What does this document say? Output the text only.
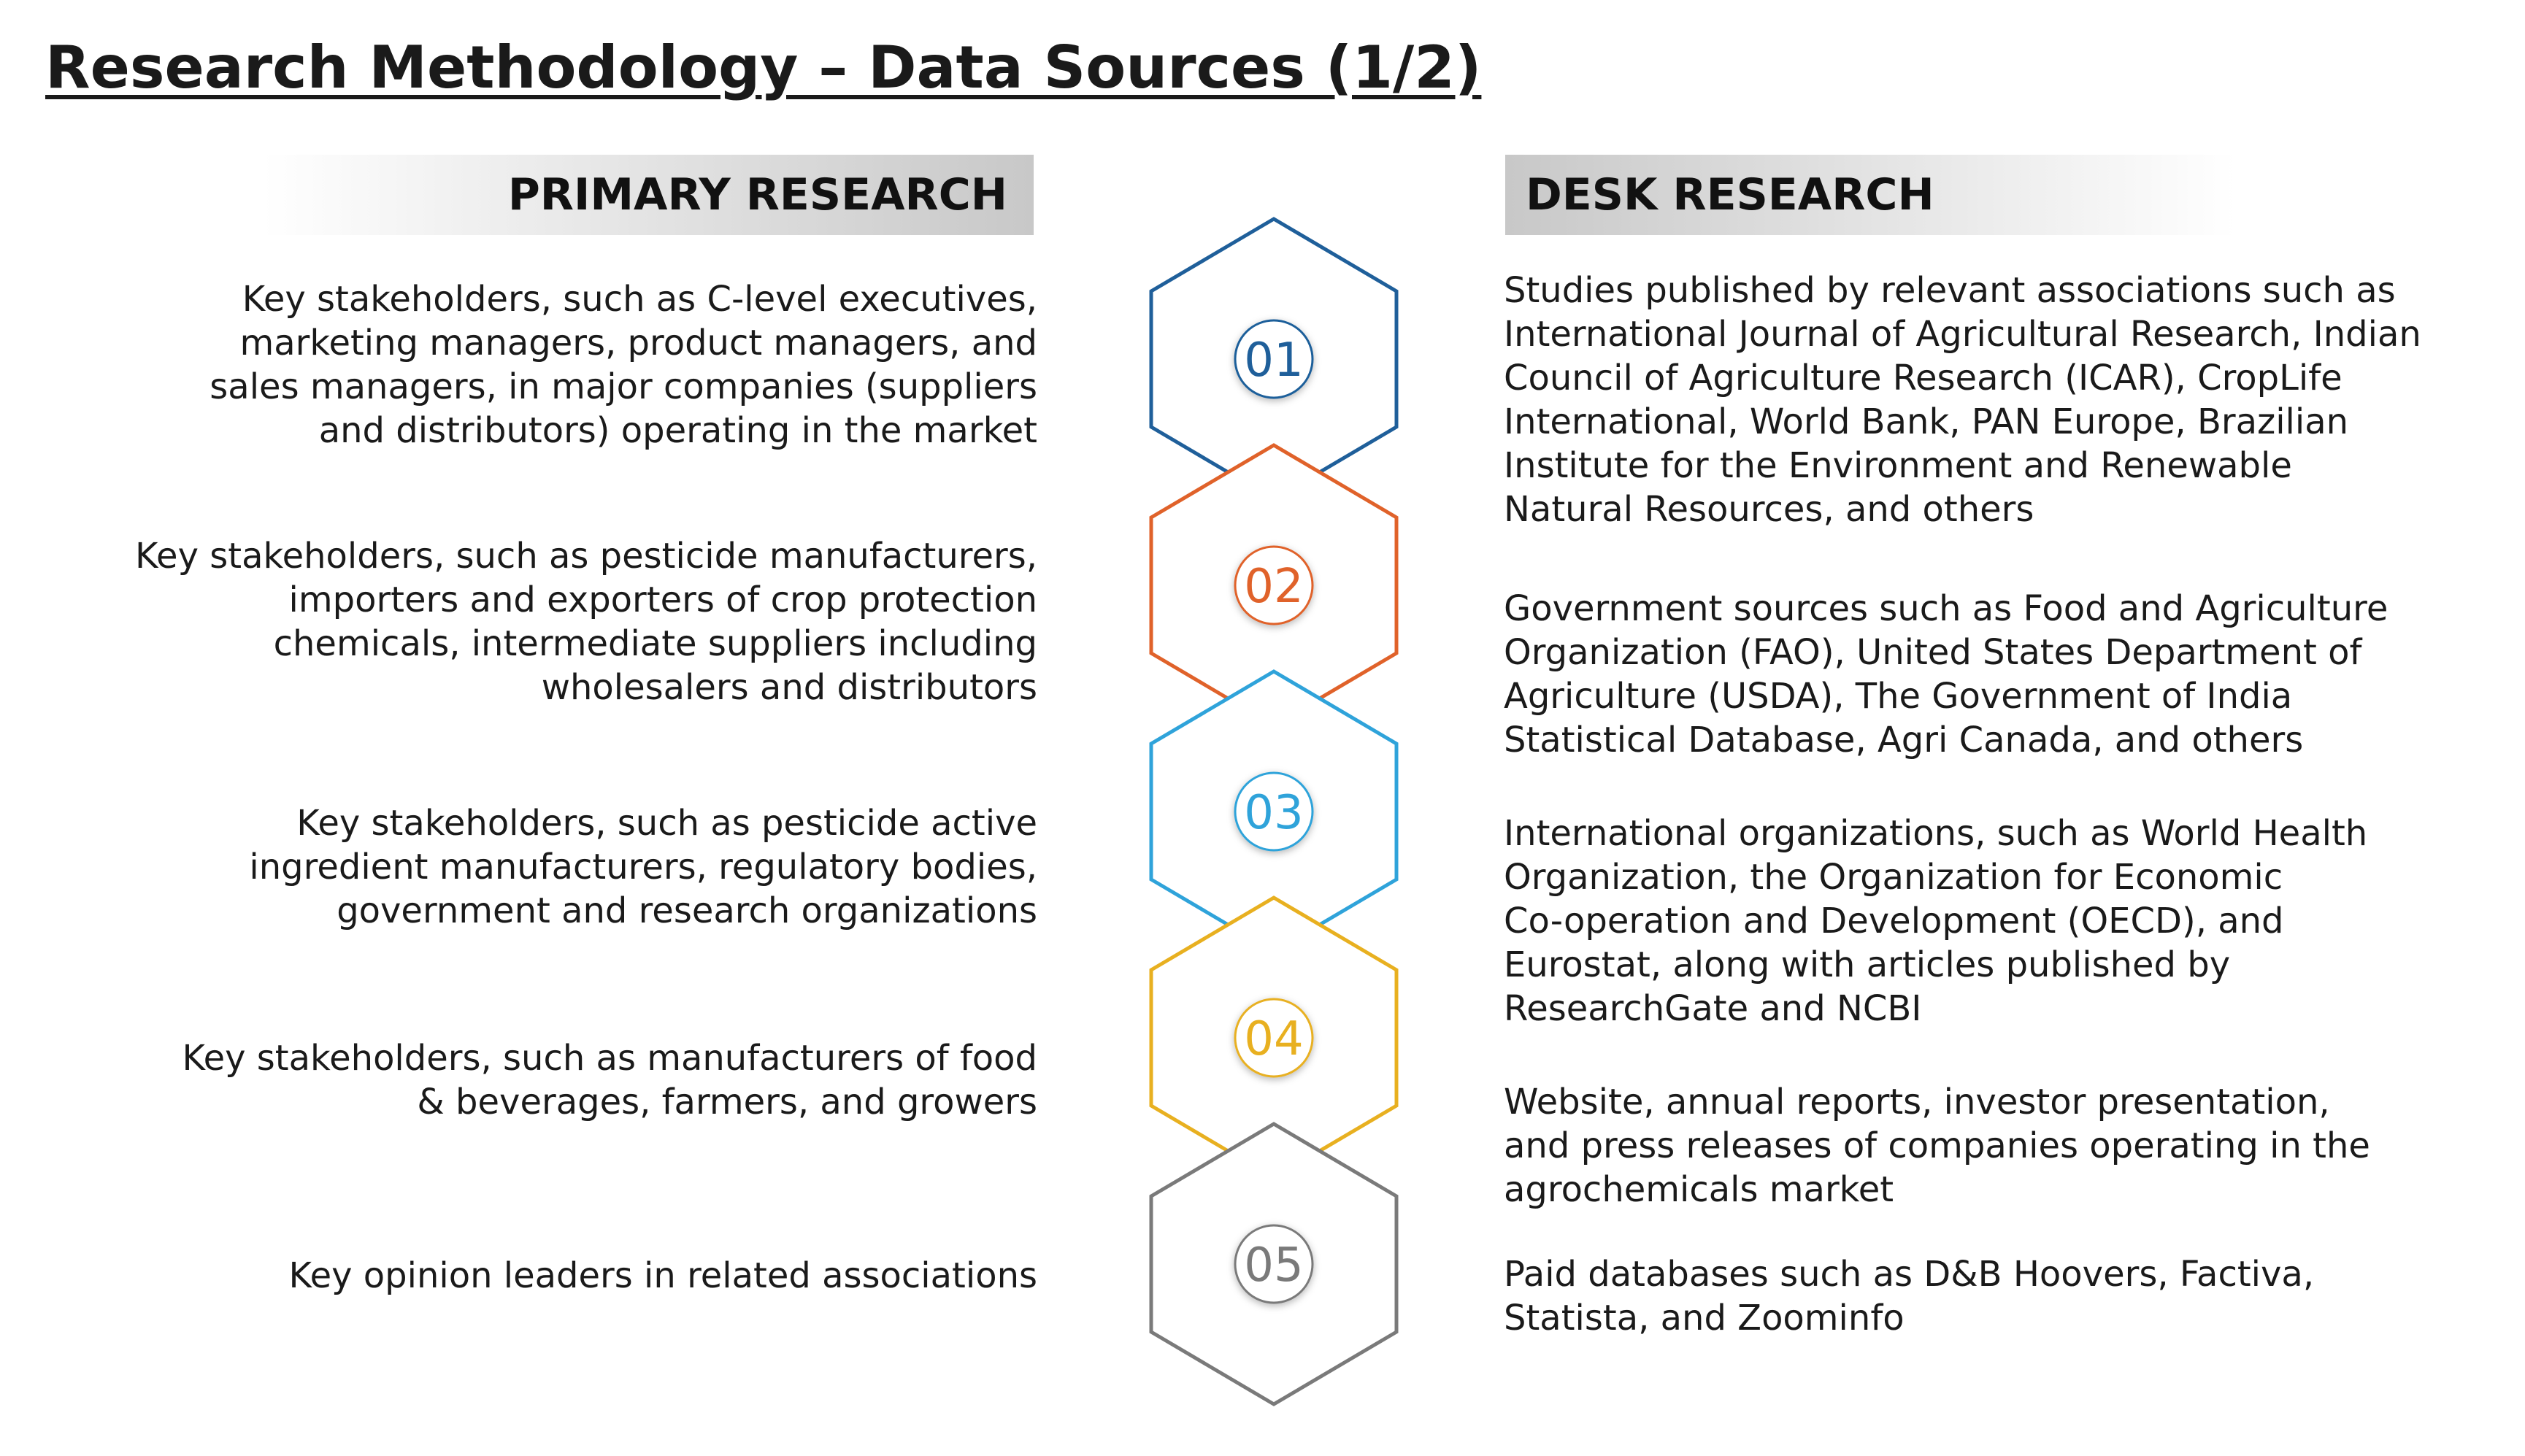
Research Methodology – Data Sources (1/2)
PRIMARY RESEARCH	DESK RESEARCH
Key stakeholders, such as C-level executives,
marketing managers, product managers, and
sales managers, in major companies (suppliers
and distributors) operating in the market
Key stakeholders, such as pesticide manufacturers,
importers and exporters of crop protection
chemicals, intermediate suppliers including
wholesalers and distributors
Key stakeholders, such as pesticide active
ingredient manufacturers, regulatory bodies,
government and research organizations
Key stakeholders, such as manufacturers of food
& beverages, farmers, and growers
Key opinion leaders in related associations
Studies published by relevant associations such as
International Journal of Agricultural Research, Indian
Council of Agriculture Research (ICAR), CropLife
International, World Bank, PAN Europe, Brazilian
Institute for the Environment and Renewable
Natural Resources, and others
Government sources such as Food and Agriculture
Organization (FAO), United States Department of
Agriculture (USDA), The Government of India
Statistical Database, Agri Canada, and others
International organizations, such as World Health
Organization, the Organization for Economic
Co-operation and Development (OECD), and
Eurostat, along with articles published by
ResearchGate and NCBI
Website, annual reports, investor presentation,
and press releases of companies operating in the
agrochemicals market
Paid databases such as D&B Hoovers, Factiva,
Statista, and Zoominfo
01
02
03
04
05
